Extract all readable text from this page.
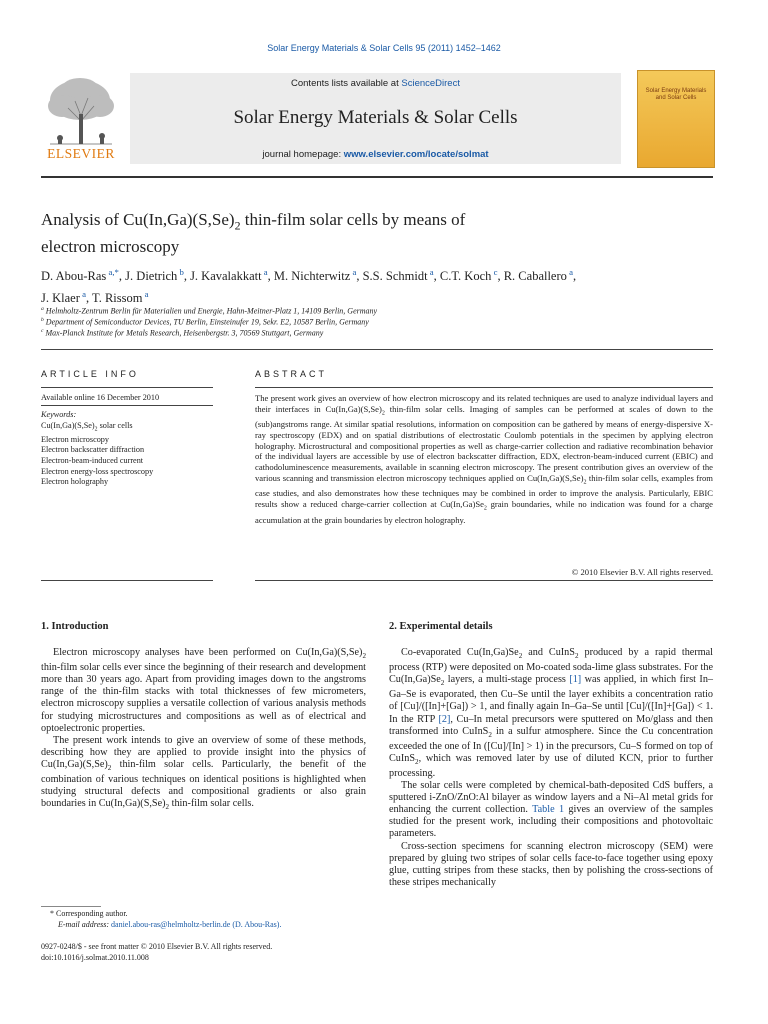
Solar Energy Materials & Solar Cells 95 (2011) 1452–1462
ELSEVIER
Contents lists available at ScienceDirect
Solar Energy Materials & Solar Cells
journal homepage: www.elsevier.com/locate/solmat
Solar Energy Materials and Solar Cells
Analysis of $Cu(In,Ga)(S,Se)_2$ thin-film solar cells by means of
electron microscopy
D. Abou-Ras $^{a,*}$, J. Dietrich $^b$, J. Kavalakkatt $^a$, M. Nichterwitz $^a$, S.S. Schmidt $^a$, C.T. Koch $^c$, R. Caballero $^a$,
J. Klaer $^a$, T. Rissom $^a$
$^a$ Helmholtz-Zentrum Berlin für Materialien und Energie, Hahn-Meitner-Platz 1, 14109 Berlin, Germany
$^b$ Department of Semiconductor Devices, TU Berlin, Einsteinufer 19, Sekr. E2, 10587 Berlin, Germany
$^c$ Max-Planck Institute for Metals Research, Heisenbergstr. 3, 70569 Stuttgart, Germany
ARTICLE INFO
Available online 16 December 2010
Keywords:
$Cu(In,Ga)(S,Se)_2$ solar cells
Electron microscopy
Electron backscatter diffraction
Electron-beam-induced current
Electron energy-loss spectroscopy
Electron holography
ABSTRACT
The present work gives an overview of how electron microscopy and its related techniques are used to analyze individual layers and their interfaces in $Cu(In,Ga)(S,Se)_2$ thin-film solar cells. Imaging of samples can be performed at scales of down to the (sub)angstroms range. At similar spatial resolutions, information on composition can be gathered by means of energy-dispersive X-ray spectroscopy (EDX) and on spatial distributions of electrostatic Coulomb potentials in the specimen by applying electron holography. Microstructural and compositional properties as well as charge-carrier collection and radiative recombination behavior of the individual layers are accessible by use of electron backscatter diffraction, EDX, electron-beam-induced current (EBIC) and cathodoluminescence measurements, available in scanning electron microscopy. The present contribution gives an overview of the various scanning and transmission electron microscopy techniques applied on $Cu(In,Ga)(S,Se)_2$ thin-film solar cells, examples from case studies, and also demonstrates how these techniques may be combined in order to improve the analysis. Particularly, EBIC results show a reduced charge-carrier collection at $Cu(In,Ga)Se_2$ grain boundaries, while no indication was found for a charge accumulation at the grain boundaries by electron holography.
© 2010 Elsevier B.V. All rights reserved.
1. Introduction

Electron microscopy analyses have been performed on $Cu(In,Ga)(S,Se)_2$ thin-film solar cells ever since the beginning of their research and development more than 30 years ago. Apart from providing images down to the angstroms range of the thin-film stacks with total thicknesses of few micrometers, electron microscopy supplies a versatile collection of various analysis methods for studying microstructures and compositions as well as of electrical and optoelectronic properties.

The present work intends to give an overview of some of these methods, describing how they are applied to provide insight into the physics of $Cu(In,Ga)(S,Se)_2$ thin-film solar cells. Particularly, the benefit of the combination of various techniques on identical positions is highlighted when studying structural defects and compositional gradients or also grain boundaries in $Cu(In,Ga)(S,Se)_2$ thin-film solar cells.

* Corresponding author.
E-mail address: daniel.abou-ras@helmholtz-berlin.de (D. Abou-Ras).
0927-0248/$ - see front matter © 2010 Elsevier B.V. All rights reserved.
doi:10.1016/j.solmat.2010.11.008
2. Experimental details

Co-evaporated $Cu(In,Ga)Se_2$ and CuInS$_2$ produced by a rapid thermal process (RTP) were deposited on Mo-coated soda-lime glass substrates. For the $Cu(In,Ga)Se_2$ layers, a multi-stage process [1] was applied, in which first In–Ga–Se is evaporated, then Cu–Se until the layer exhibits a concentration ratio of [Cu]/([In]+[Ga]) > 1, and finally again In–Ga–Se until [Cu]/([In]+[Ga]) < 1. In the RTP [2], Cu–In metal precursors were sputtered on Mo/glass and then transformed into CuInS$_2$ in a sulfur atmosphere. Since the Cu concentration exceeded the one of In ([Cu]/[In] > 1) in the precursors, Cu–S formed on top of CuInS$_2$, which was removed later by use of diluted KCN, prior to further processing.

The solar cells were completed by chemical-bath-deposited CdS buffers, a sputtered i-ZnO/ZnO:Al bilayer as window layers and a Ni–Al metal grids for enhancing the current collection. Table 1 gives an overview of the samples studied for the present work, including their compositions and photovoltaic parameters.

Cross-section specimens for scanning electron microscopy (SEM) were prepared by gluing two stripes of solar cells face-to-face together using epoxy glue, cutting stripes from these stacks, then by polishing the cross-sections of these stripes mechanically
